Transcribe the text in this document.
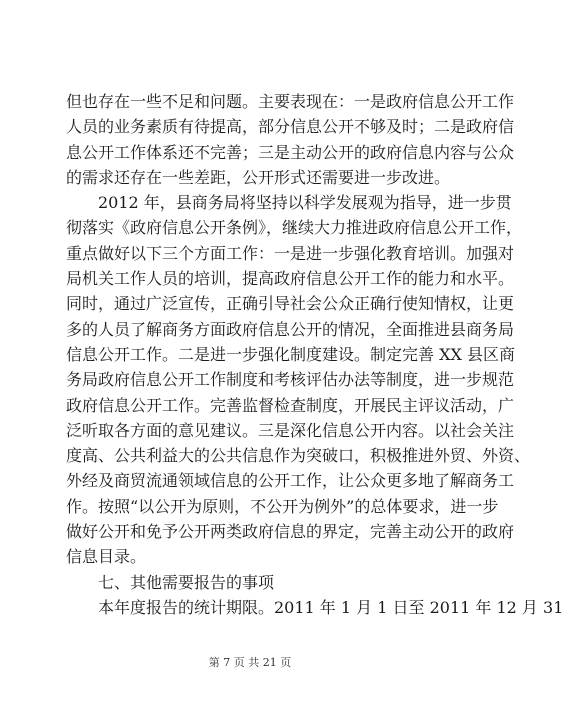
但也存在一些不足和问题。主要表现在：一是政府信息公开工作
人员的业务素质有待提高，部分信息公开不够及时；二是政府信
息公开工作体系还不完善；三是主动公开的政府信息内容与公众
的需求还存在一些差距，公开形式还需要进一步改进。
　　2012 年，县商务局将坚持以科学发展观为指导，进一步贯
彻落实《政府信息公开条例》，继续大力推进政府信息公开工作，
重点做好以下三个方面工作：一是进一步强化教育培训。加强对
局机关工作人员的培训，提高政府信息公开工作的能力和水平。
同时，通过广泛宣传，正确引导社会公众正确行使知情权，让更
多的人员了解商务方面政府信息公开的情况，全面推进县商务局
信息公开工作。二是进一步强化制度建设。制定完善 XX 县区商
务局政府信息公开工作制度和考核评估办法等制度，进一步规范
政府信息公开工作。完善监督检查制度，开展民主评议活动，广
泛听取各方面的意见建议。三是深化信息公开内容。以社会关注
度高、公共利益大的公共信息作为突破口，积极推进外贸、外资、
外经及商贸流通领域信息的公开工作，让公众更多地了解商务工
作。按照“以公开为原则，不公开为例外”的总体要求，进一步
做好公开和免予公开两类政府信息的界定，完善主动公开的政府
信息目录。
　　七、其他需要报告的事项
　　本年度报告的统计期限。2011 年 1 月 1 日至 2011 年 12 月 31
第 7 页 共 21 页
